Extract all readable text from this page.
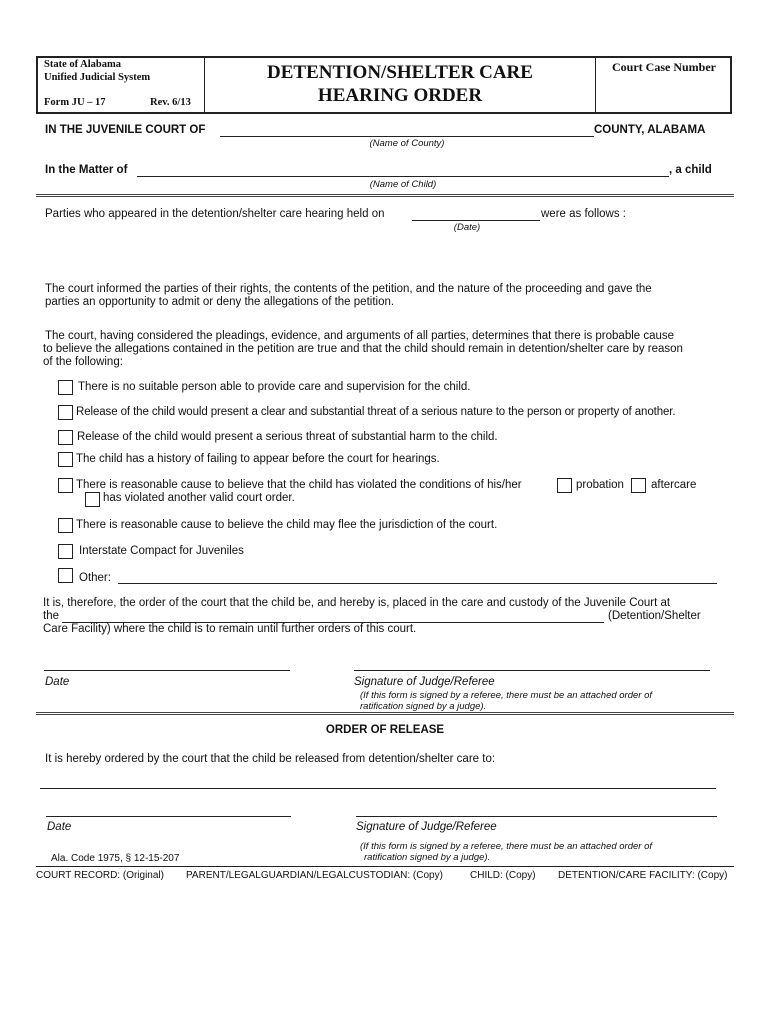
State of Alabama
Unified Judicial System
Form JU – 17	Rev. 6/13
DETENTION/SHELTER CARE
HEARING ORDER
Court Case Number
IN THE JUVENILE COURT OF	COUNTY, ALABAMA
(Name of County)
In the Matter of	, a child
(Name of Child)
Parties who appeared in the detention/shelter care hearing held on	were as follows :
(Date)
The court informed the parties of their rights, the contents of the petition, and the nature of the proceeding and gave the
parties an opportunity to admit or deny the allegations of the petition.
The court, having considered the pleadings, evidence, and arguments of all parties, determines that there is probable cause
to believe the allegations contained in the petition are true and that the child should remain in detention/shelter care by reason
of the following:
There is no suitable person able to provide care and supervision for the child.
Release of the child would present a clear and substantial threat of a serious nature to the person or property of another.
Release of the child would present a serious threat of substantial harm to the child.
The child has a history of failing to appear before the court for hearings.
There is reasonable cause to believe that the child has violated the conditions of his/her	probation aftercare
has violated another valid court order.
There is reasonable cause to believe the child may flee the jurisdiction of the court.
Interstate Compact for Juveniles
Other:
It is, therefore, the order of the court that the child be, and hereby is, placed in the care and custody of the Juvenile Court at
the	(Detention/Shelter
Care Facility) where the child is to remain until further orders of this court.
Date	Signature of Judge/Referee
(If this form is signed by a referee, there must be an attached order of
ratification signed by a judge).
ORDER OF RELEASE
It is hereby ordered by the court that the child be released from detention/shelter care to:
Date	Signature of Judge/Referee
(If this form is signed by a referee, there must be an attached order of
ratification signed by a judge).
Ala. Code 1975, § 12-15-207
COURT RECORD: (Original) PARENT/LEGALGUARDIAN/LEGALCUSTODIAN: (Copy)	CHILD: (Copy) DETENTION/CARE FACILITY: (Copy)
